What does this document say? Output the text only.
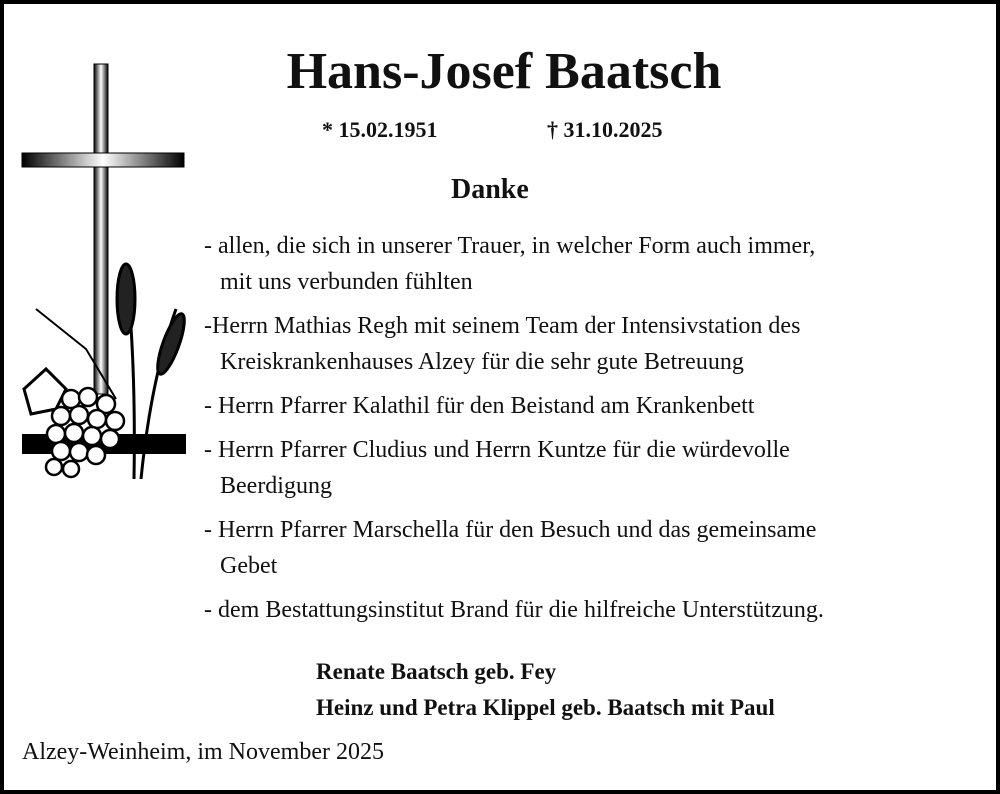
Hans-Josef Baatsch
* 15.02.1951	† 31.10.2025
Danke
- allen, die sich in unserer Trauer, in welcher Form auch immer,
mit uns verbunden fühlten
-Herrn Mathias Regh mit seinem Team der Intensivstation des
Kreiskrankenhauses Alzey für die sehr gute Betreuung
- Herrn Pfarrer Kalathil für den Beistand am Krankenbett
- Herrn Pfarrer Cludius und Herrn Kuntze für die würdevolle
Beerdigung
- Herrn Pfarrer Marschella für den Besuch und das gemeinsame
Gebet
- dem Bestattungsinstitut Brand für die hilfreiche Unterstützung.
Renate Baatsch geb. Fey
Heinz und Petra Klippel geb. Baatsch mit Paul
Alzey-Weinheim, im November 2025
